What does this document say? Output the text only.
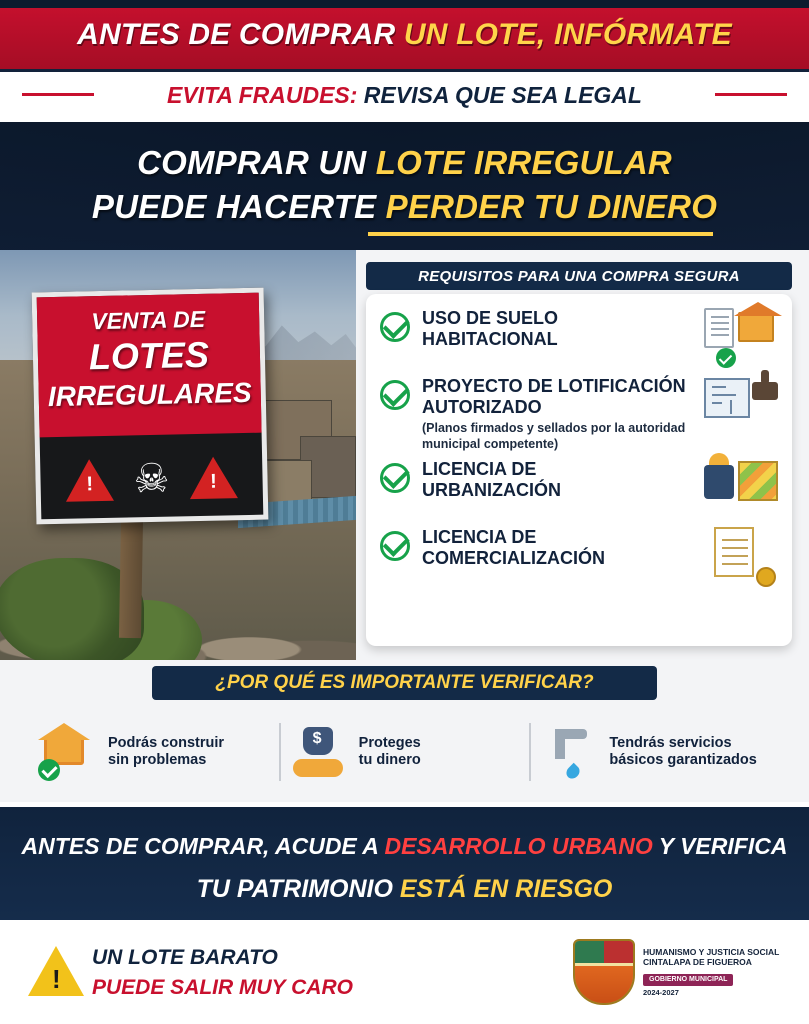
ANTES DE COMPRAR UN LOTE, INFÓRMATE
EVITA FRAUDES: REVISA QUE SEA LEGAL
COMPRAR UN LOTE IRREGULAR
PUEDE HACERTE PERDER TU DINERO
VENTA DE
LOTES
IRREGULARES
!
☠
!
REQUISITOS PARA UNA COMPRA SEGURA
USO DE SUELO
HABITACIONAL
PROYECTO DE LOTIFICACIÓN
AUTORIZADO
(Planos firmados y sellados por la autoridad municipal competente)
LICENCIA DE
URBANIZACIÓN
LICENCIA DE
COMERCIALIZACIÓN
¿POR QUÉ ES IMPORTANTE VERIFICAR?
Podrás construir
sin problemas
$
Proteges
tu dinero
Tendrás servicios
básicos garantizados
ANTES DE COMPRAR, ACUDE A DESARROLLO URBANO Y VERIFICA
TU PATRIMONIO ESTÁ EN RIESGO
!
UN LOTE BARATO
PUEDE SALIR MUY CARO
HUMANISMO Y JUSTICIA SOCIAL
CINTALAPA DE FIGUEROA
GOBIERNO MUNICIPAL
2024-2027
